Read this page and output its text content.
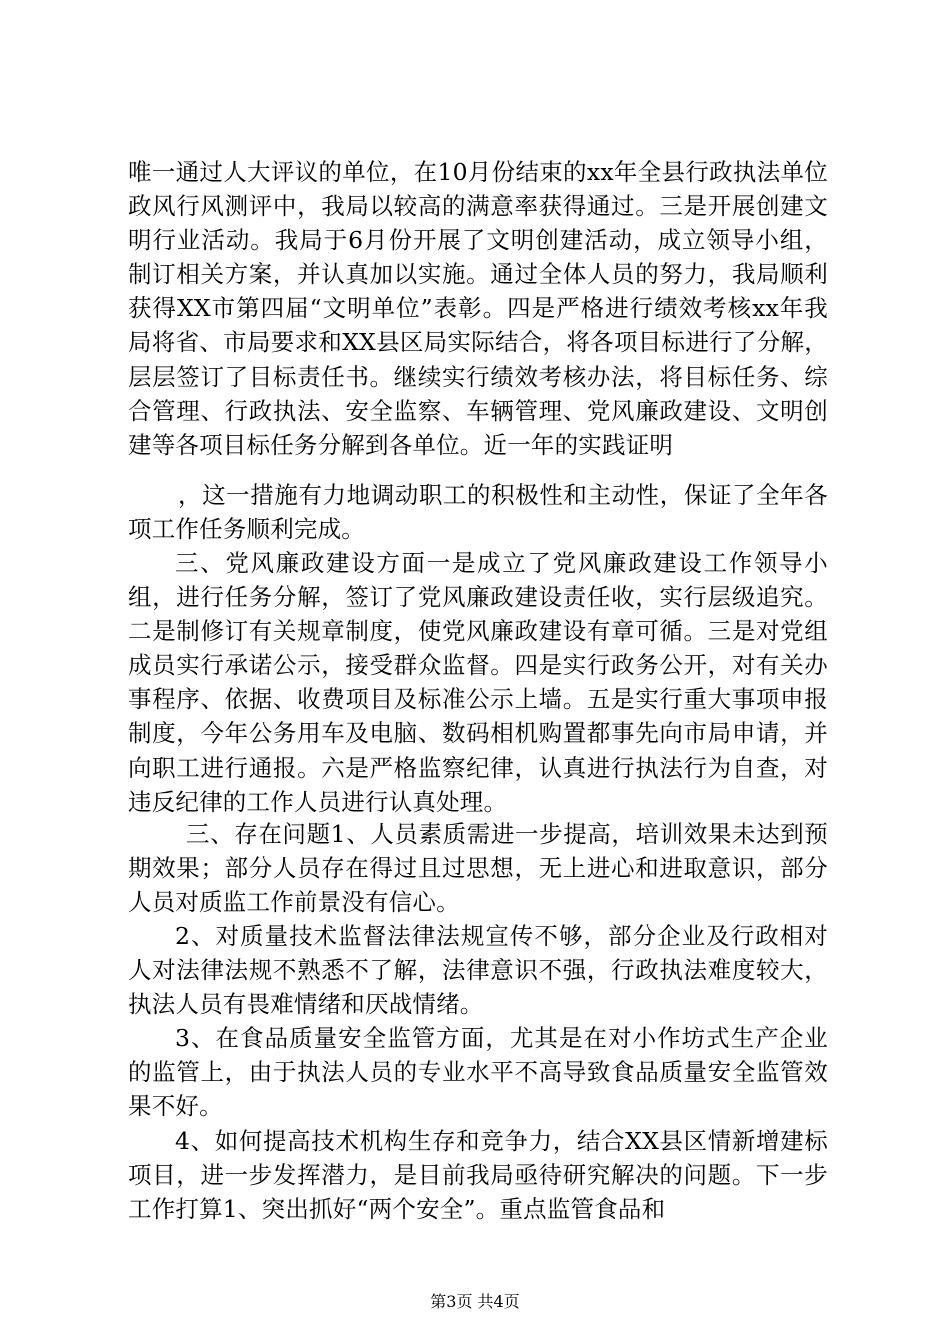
唯一通过人大评议的单位，在10月份结束的xx年全县行政执法单位政风行风测评中，我局以较高的满意率获得通过。三是开展创建文明行业活动。我局于6月份开展了文明创建活动，成立领导小组，制订相关方案，并认真加以实施。通过全体人员的努力，我局顺利获得XX市第四届“文明单位”表彰。四是严格进行绩效考核xx年我局将省、市局要求和XX县区局实际结合，将各项目标进行了分解，层层签订了目标责任书。继续实行绩效考核办法，将目标任务、综合管理、行政执法、安全监察、车辆管理、党风廉政建设、文明创建等各项目标任务分解到各单位。近一年的实践证明

，这一措施有力地调动职工的积极性和主动性，保证了全年各项工作任务顺利完成。

三、党风廉政建设方面一是成立了党风廉政建设工作领导小组，进行任务分解，签订了党风廉政建设责任收，实行层级追究。二是制修订有关规章制度，使党风廉政建设有章可循。三是对党组成员实行承诺公示，接受群众监督。四是实行政务公开，对有关办事程序、依据、收费项目及标准公示上墙。五是实行重大事项申报制度，今年公务用车及电脑、数码相机购置都事先向市局申请，并向职工进行通报。六是严格监察纪律，认真进行执法行为自查，对违反纪律的工作人员进行认真处理。

三、存在问题1、人员素质需进一步提高，培训效果未达到预期效果；部分人员存在得过且过思想，无上进心和进取意识，部分人员对质监工作前景没有信心。

2、对质量技术监督法律法规宣传不够，部分企业及行政相对人对法律法规不熟悉不了解，法律意识不强，行政执法难度较大，执法人员有畏难情绪和厌战情绪。

3、在食品质量安全监管方面，尤其是在对小作坊式生产企业的监管上，由于执法人员的专业水平不高导致食品质量安全监管效果不好。

4、如何提高技术机构生存和竞争力，结合XX县区情新增建标项目，进一步发挥潜力，是目前我局亟待研究解决的问题。下一步工作打算1、突出抓好“两个安全”。重点监管食品和

第3页 共4页
